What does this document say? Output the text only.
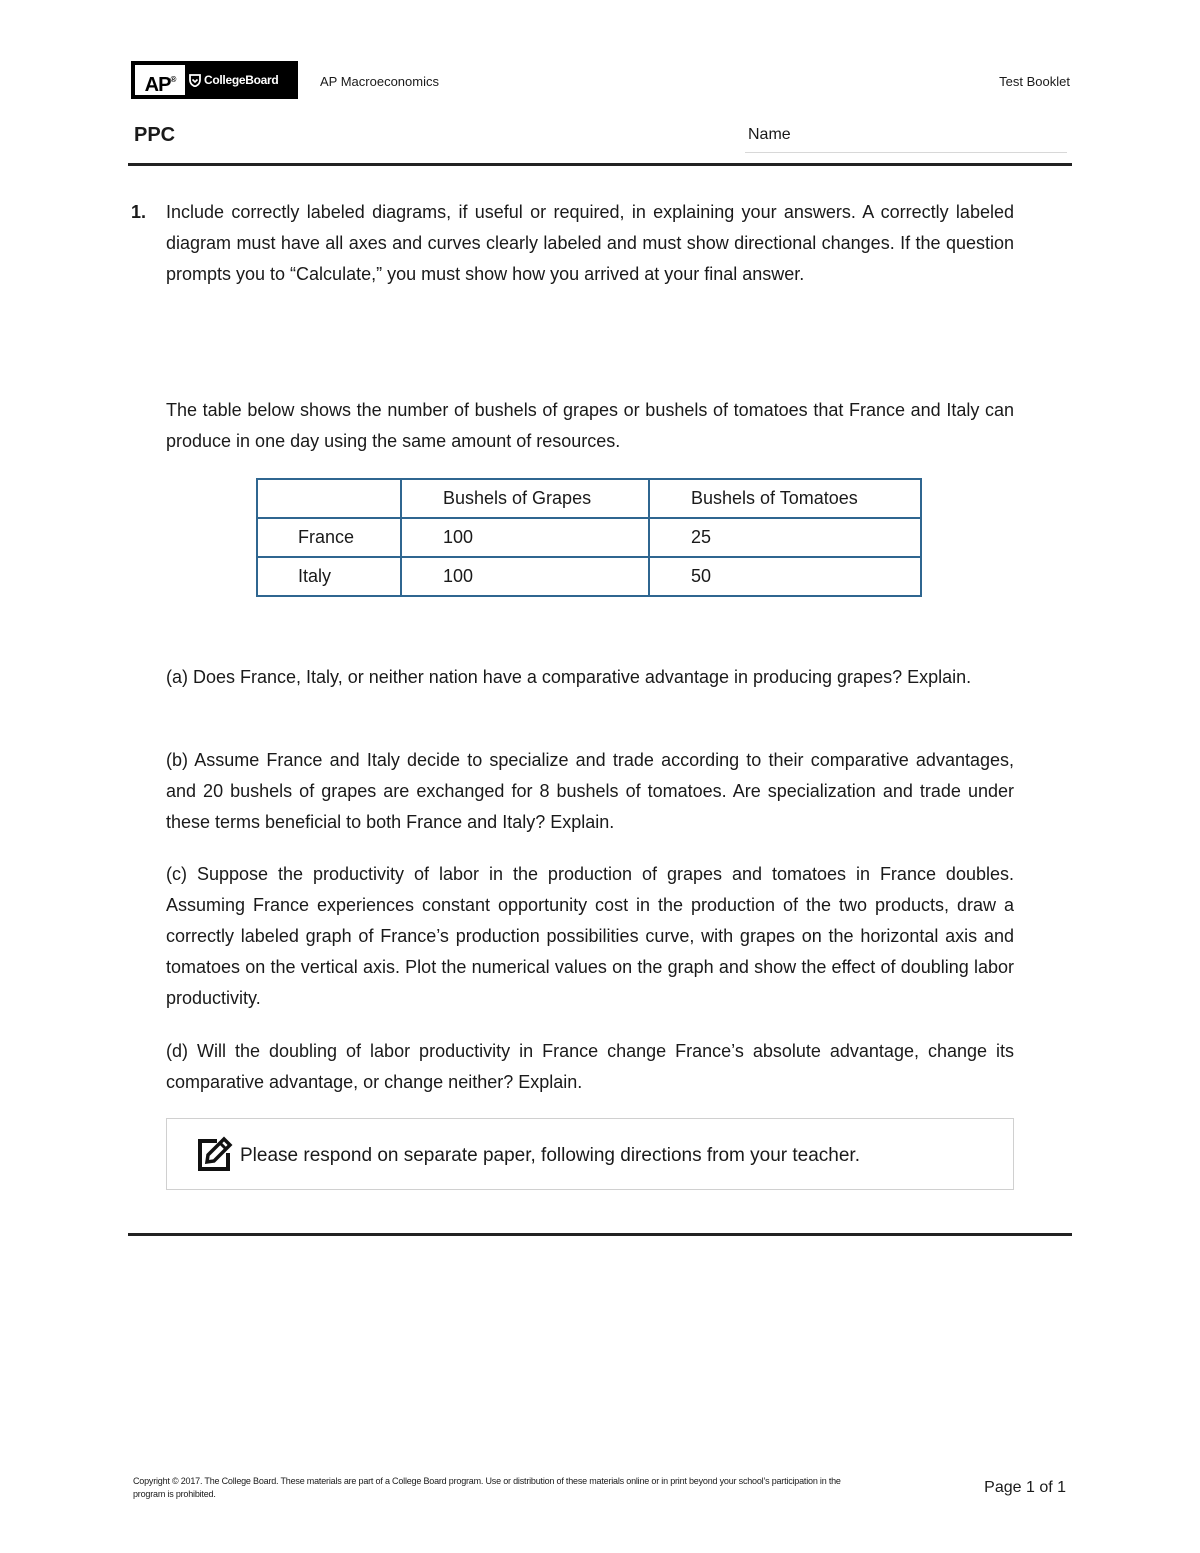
AP®	CollegeBoard	AP Macroeconomics	Test Booklet
PPC	Name
1. Include correctly labeled diagrams, if useful or required, in explaining your answers. A correctly labeled diagram must have all axes and curves clearly labeled and must show directional changes. If the question prompts you to “Calculate,” you must show how you arrived at your final answer.

The table below shows the number of bushels of grapes or bushels of tomatoes that France and Italy can produce in one day using the same amount of resources.

	Bushels of Grapes	Bushels of Tomatoes
France	100	25
Italy	100	50

(a) Does France, Italy, or neither nation have a comparative advantage in producing grapes? Explain.

(b) Assume France and Italy decide to specialize and trade according to their comparative advantages, and 20 bushels of grapes are exchanged for 8 bushels of tomatoes. Are specialization and trade under these terms beneficial to both France and Italy? Explain.

(c) Suppose the productivity of labor in the production of grapes and tomatoes in France doubles. Assuming France experiences constant opportunity cost in the production of the two products, draw a correctly labeled graph of France’s production possibilities curve, with grapes on the horizontal axis and tomatoes on the vertical axis. Plot the numerical values on the graph and show the effect of doubling labor productivity.

(d) Will the doubling of labor productivity in France change France’s absolute advantage, change its comparative advantage, or change neither? Explain.

Please respond on separate paper, following directions from your teacher.
Copyright © 2017. The College Board. These materials are part of a College Board program. Use or distribution of these materials online or in print beyond your school’s participation in the program is prohibited.	Page 1 of 1
